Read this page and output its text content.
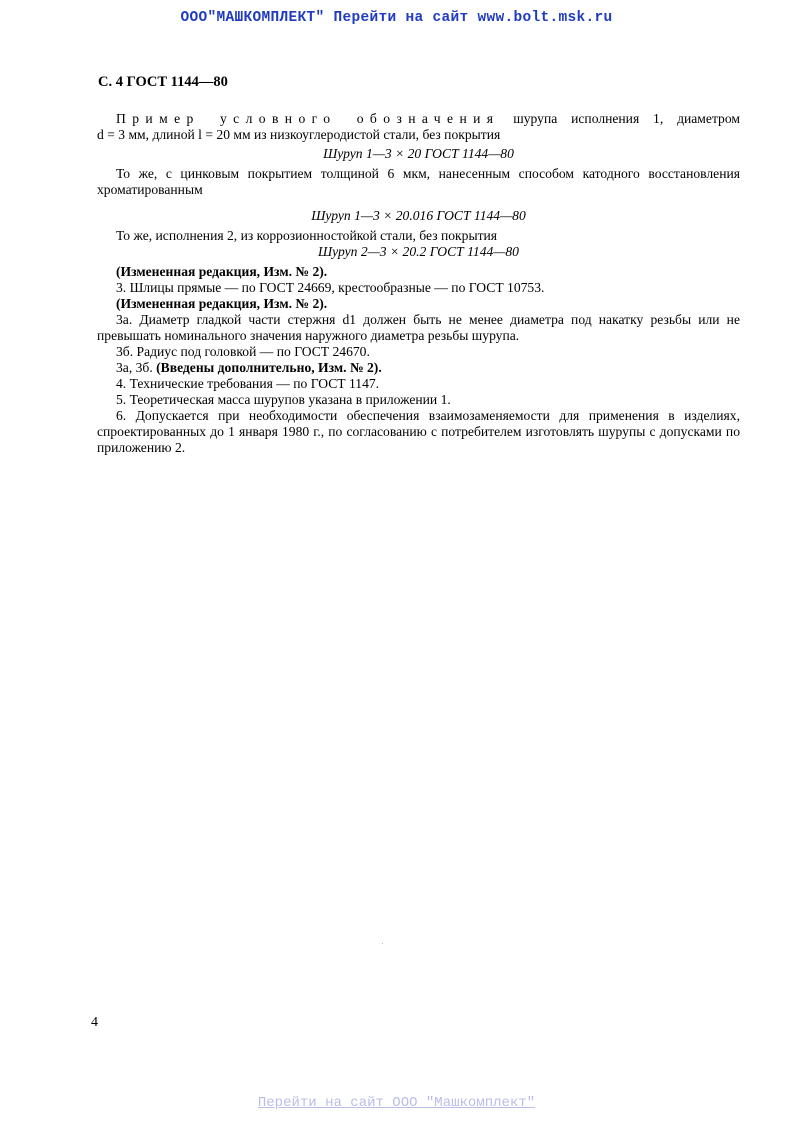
ООО"МАШКОМПЛЕКТ" Перейти на сайт www.bolt.msk.ru
С. 4 ГОСТ 1144—80

Пример условного обозначения шурупа исполнения 1, диаметром

d = 3 мм, длиной l = 20 мм из низкоуглеродистой стали, без покрытия

Шуруп 1—3 × 20 ГОСТ 1144—80

То же, с цинковым покрытием толщиной 6 мкм, нанесенным способом катодного восстановления хроматированным

Шуруп 1—3 × 20.016 ГОСТ 1144—80

То же, исполнения 2, из коррозионностойкой стали, без покрытия

Шуруп 2—3 × 20.2 ГОСТ 1144—80

(Измененная редакция, Изм. № 2).

3. Шлицы прямые — по ГОСТ 24669, крестообразные — по ГОСТ 10753.

(Измененная редакция, Изм. № 2).

3а. Диаметр гладкой части стержня d1 должен быть не менее диаметра под накатку резьбы или не превышать номинального значения наружного диаметра резьбы шурупа.

3б. Радиус под головкой — по ГОСТ 24670.

3а, 3б. (Введены дополнительно, Изм. № 2).

4. Технические требования — по ГОСТ 1147.

5. Теоретическая масса шурупов указана в приложении 1.

6. Допускается при необходимости обеспечения взаимозаменяемости для применения в изделиях, спроектированных до 1 января 1980 г., по согласованию с потребителем изготовлять шурупы с допусками по приложению 2.

4
Перейти на сайт ООО "Машкомплект"
